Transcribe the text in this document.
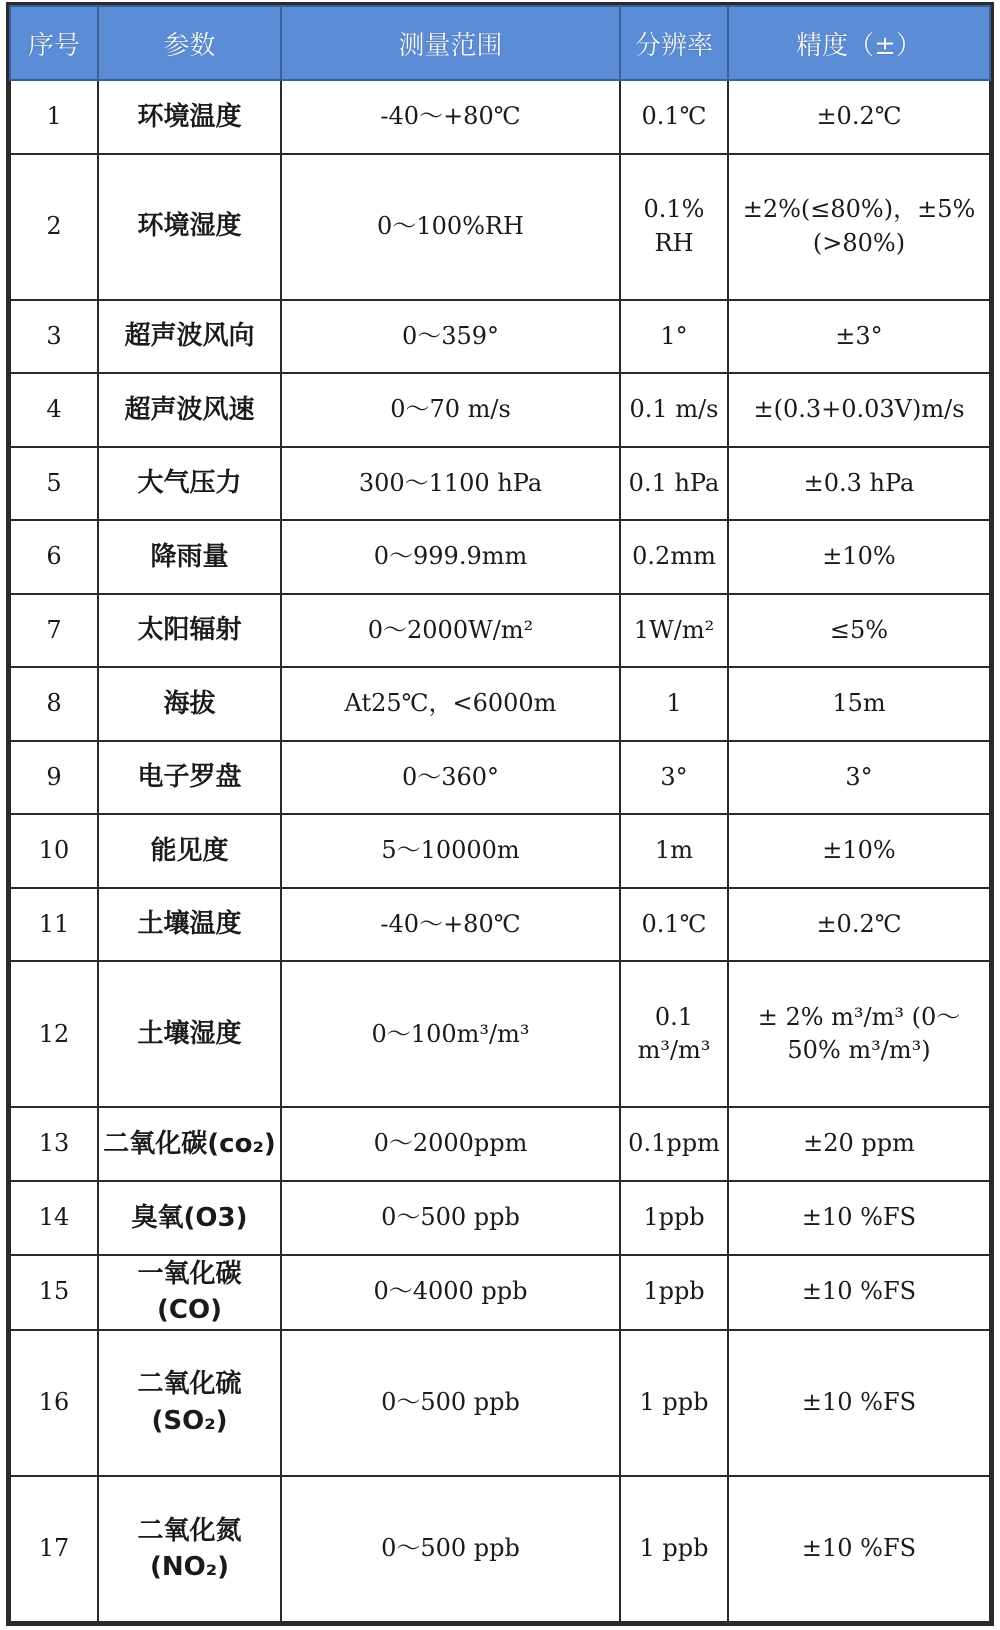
序号	参数	测量范围	分辨率	精度（±）
1	环境温度	-40～+80℃	0.1℃	±0.2℃
2	环境湿度	0～100%RH	0.1% RH	±2%(≤80%)，±5%(>80%)
3	超声波风向	0～359°	1°	±3°
4	超声波风速	0～70 m/s	0.1 m/s	±(0.3+0.03V)m/s
5	大气压力	300～1100 hPa	0.1 hPa	±0.3 hPa
6	降雨量	0～999.9mm	0.2mm	±10%
7	太阳辐射	0～2000W/m²	1W/m²	≤5%
8	海拔	At25℃，<6000m	1	15m
9	电子罗盘	0～360°	3°	3°
10	能见度	5～10000m	1m	±10%
11	土壤温度	-40～+80℃	0.1℃	±0.2℃
12	土壤湿度	0～100m³/m³	0.1 m³/m³	± 2% m³/m³ (0～50% m³/m³)
13	二氧化碳(co₂)	0～2000ppm	0.1ppm	±20 ppm
14	臭氧(O3)	0～500 ppb	1ppb	±10 %FS
15	一氧化碳 (CO)	0～4000 ppb	1ppb	±10 %FS
16	二氧化硫 (SO₂)	0～500 ppb	1 ppb	±10 %FS
17	二氧化氮 (NO₂)	0～500 ppb	1 ppb	±10 %FS
